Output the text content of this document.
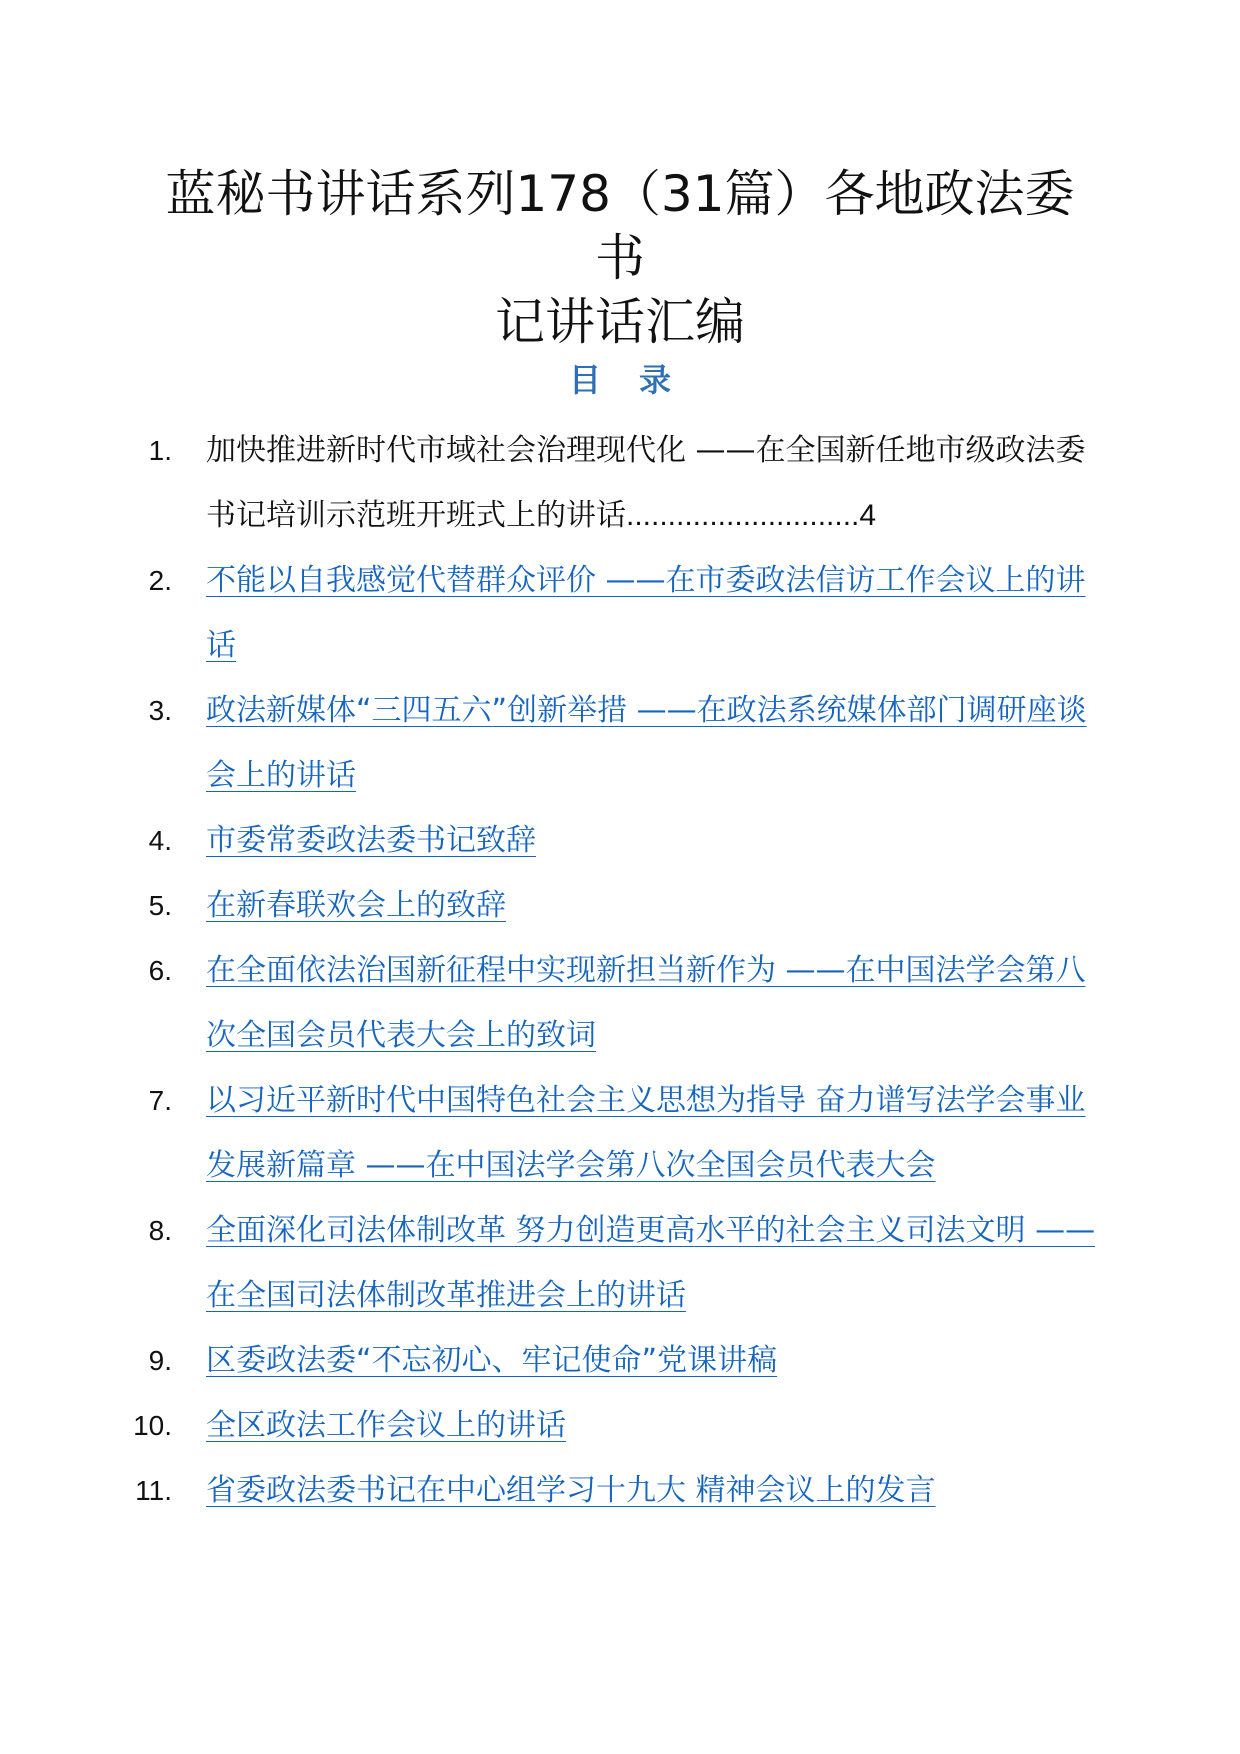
蓝秘书讲话系列178（31篇）各地政法委书
记讲话汇编
目 录
1. 加快推进新时代市域社会治理现代化 ——在全国新任地市级政法委书记培训示范班开班式上的讲话............................4
2. 不能以自我感觉代替群众评价 ——在市委政法信访工作会议上的讲话
3. 政法新媒体“三四五六”创新举措 ——在政法系统媒体部门调研座谈会上的讲话
4. 市委常委政法委书记致辞
5. 在新春联欢会上的致辞
6. 在全面依法治国新征程中实现新担当新作为 ——在中国法学会第八次全国会员代表大会上的致词
7. 以习近平新时代中国特色社会主义思想为指导 奋力谱写法学会事业发展新篇章 ——在中国法学会第八次全国会员代表大会
8. 全面深化司法体制改革 努力创造更高水平的社会主义司法文明 ——在全国司法体制改革推进会上的讲话
9. 区委政法委“不忘初心、牢记使命”党课讲稿
10. 全区政法工作会议上的讲话
11. 省委政法委书记在中心组学习十九大 精神会议上的发言
